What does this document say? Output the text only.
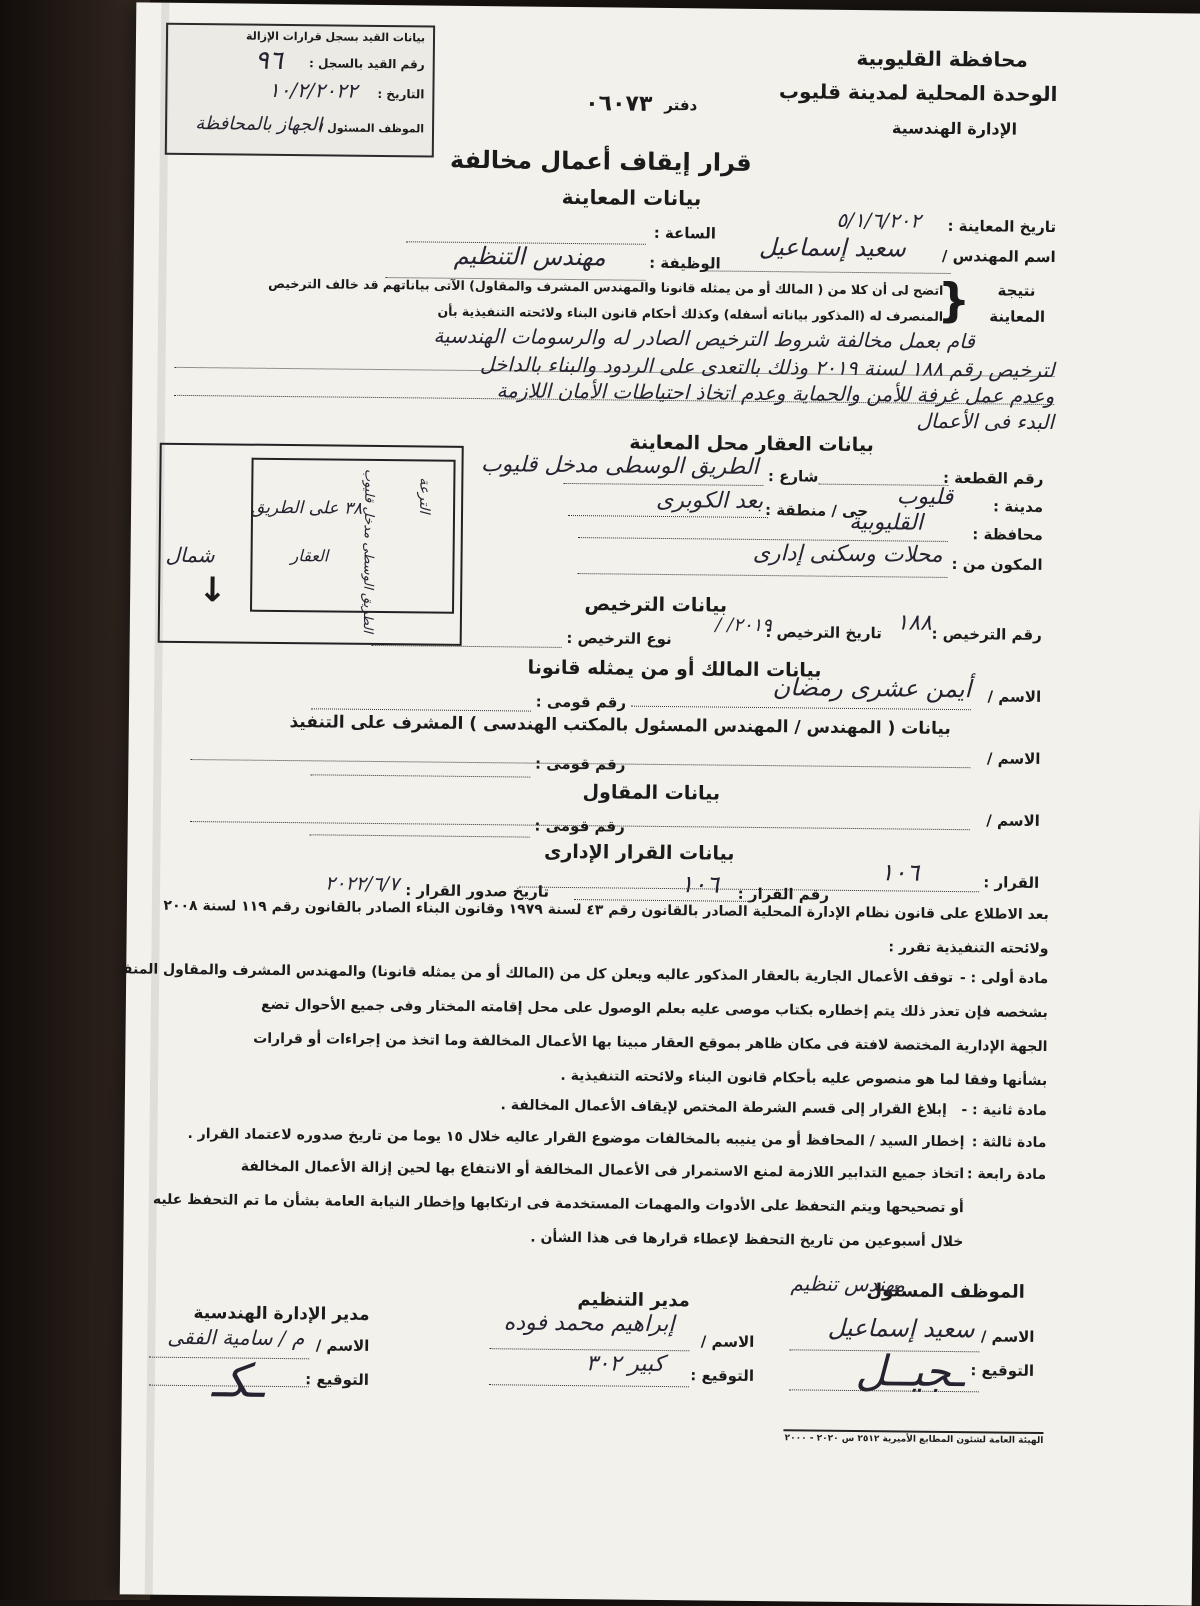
بيانات القيد بسجل قرارات الإزالة
رقم القيد بالسجل :
٩٦
التاريخ :
١٠/٢/٢٠٢٢
الموظف المسئول /
الجهاز بالمحافظة
محافظة القليوبية
الوحدة المحلية لمدينة قليوب
الإدارة الهندسية
دفتر
٠٦٠٧٣
قرار إيقاف أعمال مخالفة
بيانات المعاينة
تاريخ المعاينة :
٥/١/٦/٢٠٢
الساعة :
اسم المهندس /
سعيد إسماعيل
الوظيفة :
مهندس التنظيم
نتيجة
المعاينة
{
اتضح لى أن كلا من ( المالك أو من يمثله قانونا والمهندس المشرف والمقاول) الآتى بياناتهم قد خالف الترخيص
المنصرف له (المذكور بياناته أسفله) وكذلك أحكام قانون البناء ولائحته التنفيذية بأن
قام بعمل مخالفة شروط الترخيص الصادر له والرسومات الهندسية
لترخيص رقم ١٨٨ لسنة ٢٠١٩ وذلك بالتعدى على الردود والبناء بالداخل
وعدم عمل غرفة للأمن والحماية وعدم اتخاذ احتياطات الأمان اللازمة
البدء فى الأعمال
بيانات العقار محل المعاينة
رقم القطعة :
شارع :
الطريق الوسطى مدخل قليوب
مدينة :
قليوب
حى / منطقة :
بعد الكوبرى
محافظة :
القليوبية
المكون من :
محلات وسكنى إدارى
٣٨ على الطريق
الطريق الوسطى مدخل قليوب
العقار
الترعة
شمال
↓	بيانات الترخيص
رقم الترخيص :
١٨٨
تاريخ الترخيص :
٢٠١٩/ /
نوع الترخيص :
بيانات المالك أو من يمثله قانونا
الاسم /
أيمن عشرى رمضان
رقم قومى :
بيانات ( المهندس / المهندس المسئول بالمكتب الهندسى ) المشرف على التنفيذ
الاسم /
رقم قومى :
بيانات المقاول
الاسم /
رقم قومى :
بيانات القرار الإدارى
القرار :
١٠٦
رقم القرار :
١٠٦
تاريخ صدور القرار :
٢٠٢٢/٦/٧
بعد الاطلاع على قانون نظام الإدارة المحلية الصادر بالقانون رقم ٤٣ لسنة ١٩٧٩ وقانون البناء الصادر بالقانون رقم ١١٩ لسنة ٢٠٠٨
ولائحته التنفيذية تقرر :
مادة أولى : -
توقف الأعمال الجارية بالعقار المذكور عاليه ويعلن كل من (المالك أو من يمثله قانونا) والمهندس المشرف والمقاول المنفذ
بشخصه فإن تعذر ذلك يتم إخطاره بكتاب موصى عليه بعلم الوصول على محل إقامته المختار وفى جميع الأحوال تضع
الجهة الإدارية المختصة لافتة فى مكان ظاهر بموقع العقار مبينا بها الأعمال المخالفة وما اتخذ من إجراءات أو قرارات
بشأنها وفقا لما هو منصوص عليه بأحكام قانون البناء ولائحته التنفيذية .
مادة ثانية : -
إبلاغ القرار إلى قسم الشرطة المختص لإيقاف الأعمال المخالفة .
مادة ثالثة :
إخطار السيد / المحافظ أو من ينيبه بالمخالفات موضوع القرار عاليه خلال ١٥ يوما من تاريخ صدوره لاعتماد القرار .
مادة رابعة :
اتخاذ جميع التدابير اللازمة لمنع الاستمرار فى الأعمال المخالفة أو الانتفاع بها لحين إزالة الأعمال المخالفة
أو تصحيحها ويتم التحفظ على الأدوات والمهمات المستخدمة فى ارتكابها وإخطار النيابة العامة بشأن ما تم التحفظ عليه
خلال أسبوعين من تاريخ التحفظ لإعطاء قرارها فى هذا الشأن .
الموظف المسئول
مهندس تنظيم
الاسم /
سعيد إسماعيل
التوقيع :
ـجيــل
مدير التنظيم
الاسم /
إبراهيم محمد فوده
التوقيع :
كبير ٣٠٢
مدير الإدارة الهندسية
الاسم /
م / سامية الفقى
التوقيع :
ـكـ
الهيئة العامة لشئون المطابع الأميرية ٢٥١٢ س ٢٠٢٠ - ٢٠٠٠
